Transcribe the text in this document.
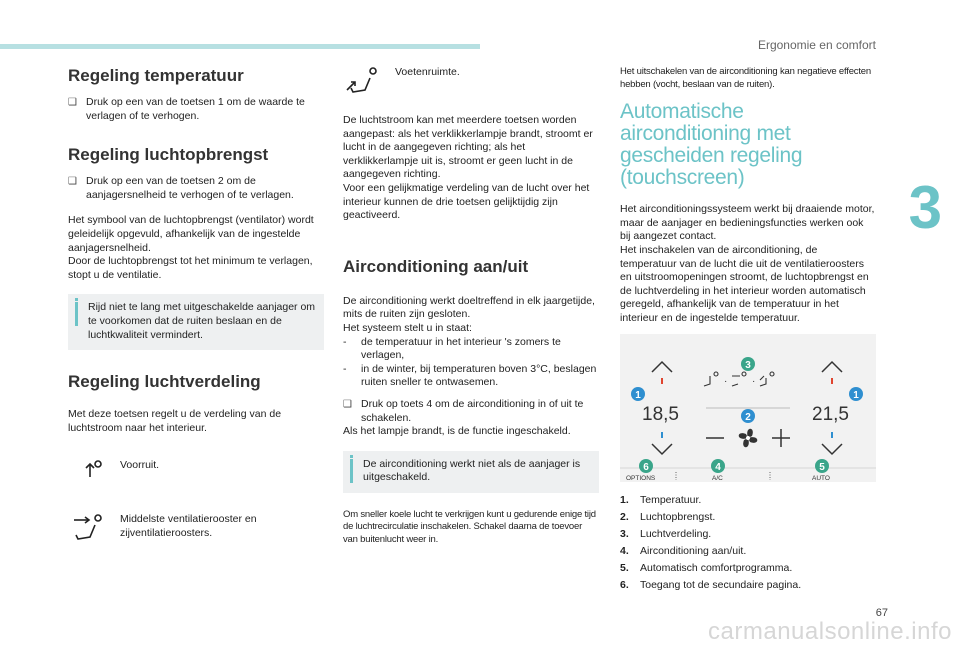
Ergonomie en comfort
3
Regeling temperatuur
❑ Druk op een van de toetsen 1 om de waarde te verlagen of te verhogen.
Regeling luchtopbrengst
❑ Druk op een van de toetsen 2 om de aanjagersnelheid te verhogen of te verlagen.

Het symbool van de luchtopbrengst (ventilator) wordt geleidelijk opgevuld, afhankelijk van de ingestelde aanjagersnelheid.

Door de luchtopbrengst tot het minimum te verlagen, stopt u de ventilatie.

Rijd niet te lang met uitgeschakelde aanjager om te voorkomen dat de ruiten beslaan en de luchtkwaliteit vermindert.
Regeling luchtverdeling

Met deze toetsen regelt u de verdeling van de luchtstroom naar het interieur.

Voorruit.
Middelste ventilatierooster en zijventilatieroosters.
Voetenruimte.

De luchtstroom kan met meerdere toetsen worden aangepast: als het verklikkerlampje brandt, stroomt er lucht in de aangegeven richting; als het verklikkerlampje uit is, stroomt er geen lucht in de aangegeven richting.

Voor een gelijkmatige verdeling van de lucht over het interieur kunnen de drie toetsen gelijktijdig zijn geactiveerd.

Airconditioning aan/uit

De airconditioning werkt doeltreffend in elk jaargetijde, mits de ruiten zijn gesloten.

Het systeem stelt u in staat:

-	de temperatuur in het interieur 's zomers te verlagen,
-	in de winter, bij temperaturen boven 3°C, beslagen ruiten sneller te ontwasemen.
❑ Druk op toets 4 om de airconditioning in of uit te schakelen.

Als het lampje brandt, is de functie ingeschakeld.

De airconditioning werkt niet als de aanjager is uitgeschakeld.

Om sneller koele lucht te verkrijgen kunt u gedurende enige tijd de luchtrecirculatie inschakelen. Schakel daarna de toevoer van buitenlucht weer in.

Het uitschakelen van de airconditioning kan negatieve effecten hebben (vocht, beslaan van de ruiten).

Automatische airconditioning met gescheiden regeling (touchscreen)

Het airconditioningssysteem werkt bij draaiende motor, maar de aanjager en bedieningsfuncties werken ook bij aangezet contact.

Het inschakelen van de airconditioning, de temperatuur van de lucht die uit de ventilatieroosters en uitstroomopeningen stroomt, de luchtopbrengst en de luchtverdeling in het interieur worden automatisch geregeld, afhankelijk van de temperatuur in het interieur en de ingestelde temperatuur.

18,5	21,5
· ·
OPTIONS	A/C	AUTO
1	1
2
3
4	5
6
1.	Temperatuur.
2.	Luchtopbrengst.
3.	Luchtverdeling.
4.	Airconditioning aan/uit.
5.	Automatisch comfortprogramma.
6.	Toegang tot de secundaire pagina.
67
carmanualsonline.info
